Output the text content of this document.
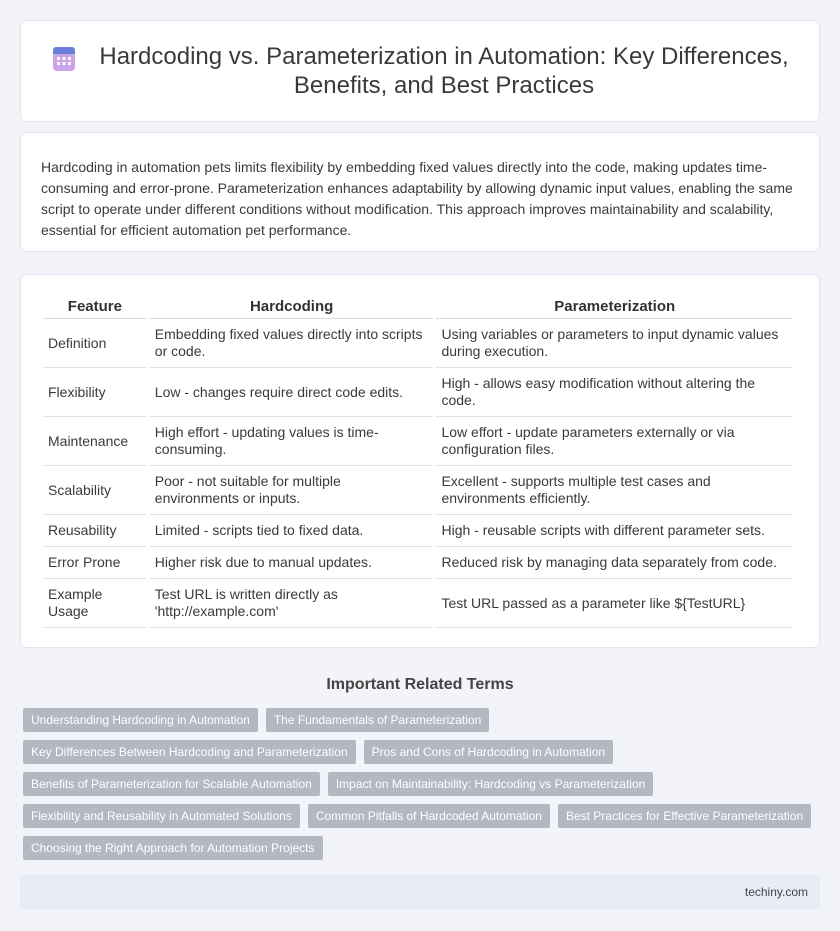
Hardcoding vs. Parameterization in Automation: Key Differences, Benefits, and Best Practices

Hardcoding in automation pets limits flexibility by embedding fixed values directly into the code, making updates time-consuming and error-prone. Parameterization enhances adaptability by allowing dynamic input values, enabling the same script to operate under different conditions without modification. This approach improves maintainability and scalability, essential for efficient automation pet performance.

Feature	Hardcoding	Parameterization
Definition	Embedding fixed values directly into scripts or code.	Using variables or parameters to input dynamic values during execution.
Flexibility	Low - changes require direct code edits.	High - allows easy modification without altering the code.
Maintenance	High effort - updating values is time-consuming.	Low effort - update parameters externally or via configuration files.
Scalability	Poor - not suitable for multiple environments or inputs.	Excellent - supports multiple test cases and environments efficiently.
Reusability	Limited - scripts tied to fixed data.	High - reusable scripts with different parameter sets.
Error Prone	Higher risk due to manual updates.	Reduced risk by managing data separately from code.
Example Usage	Test URL is written directly as 'http://example.com'	Test URL passed as a parameter like ${TestURL}
Important Related Terms
Understanding Hardcoding in Automation	The Fundamentals of Parameterization
Key Differences Between Hardcoding and Parameterization	Pros and Cons of Hardcoding in Automation
Benefits of Parameterization for Scalable Automation	Impact on Maintainability: Hardcoding vs Parameterization
Flexibility and Reusability in Automated Solutions	Common Pitfalls of Hardcoded Automation	Best Practices for Effective Parameterization
Choosing the Right Approach for Automation Projects
techiny.com
